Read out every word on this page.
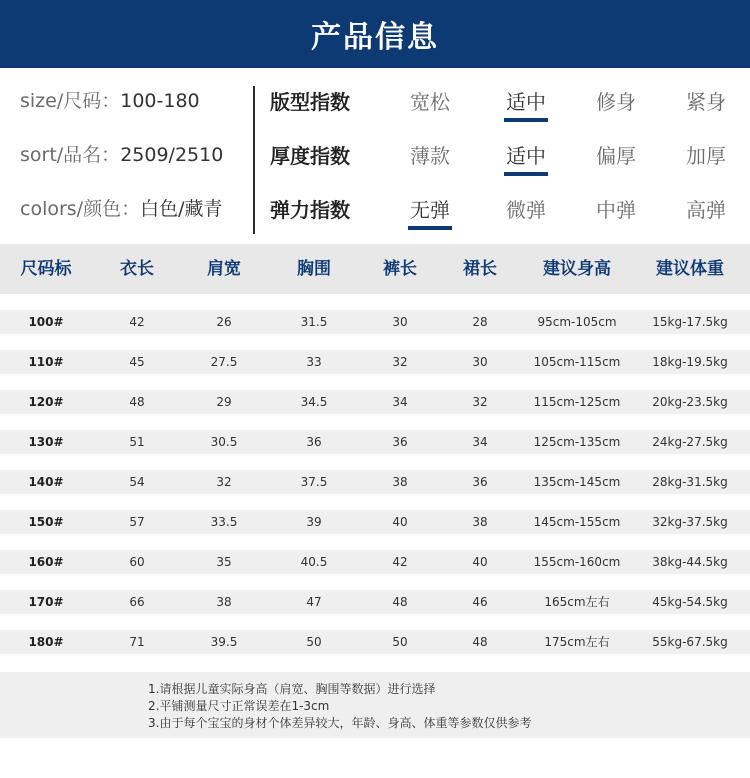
产品信息
size/尺码：100-180
sort/品名：2509/2510
colors/颜色：白色/藏青
版型指数	宽松	适中	修身	紧身
厚度指数	薄款	适中	偏厚	加厚
弹力指数	无弹	微弹	中弹	高弹
尺码标	衣长	肩宽	胸围	裤长	裙长	建议身高	建议体重
100#	42	26	31.5	30	28	95cm-105cm	15kg-17.5kg
110#	45	27.5	33	32	30	105cm-115cm	18kg-19.5kg
120#	48	29	34.5	34	32	115cm-125cm	20kg-23.5kg
130#	51	30.5	36	36	34	125cm-135cm	24kg-27.5kg
140#	54	32	37.5	38	36	135cm-145cm	28kg-31.5kg
150#	57	33.5	39	40	38	145cm-155cm	32kg-37.5kg
160#	60	35	40.5	42	40	155cm-160cm	38kg-44.5kg
170#	66	38	47	48	46	165cm左右	45kg-54.5kg
180#	71	39.5	50	50	48	175cm左右	55kg-67.5kg
1.请根据儿童实际身高（肩宽、胸围等数据）进行选择
2.平铺测量尺寸正常误差在1-3cm
3.由于每个宝宝的身材个体差异较大，年龄、身高、体重等参数仅供参考
